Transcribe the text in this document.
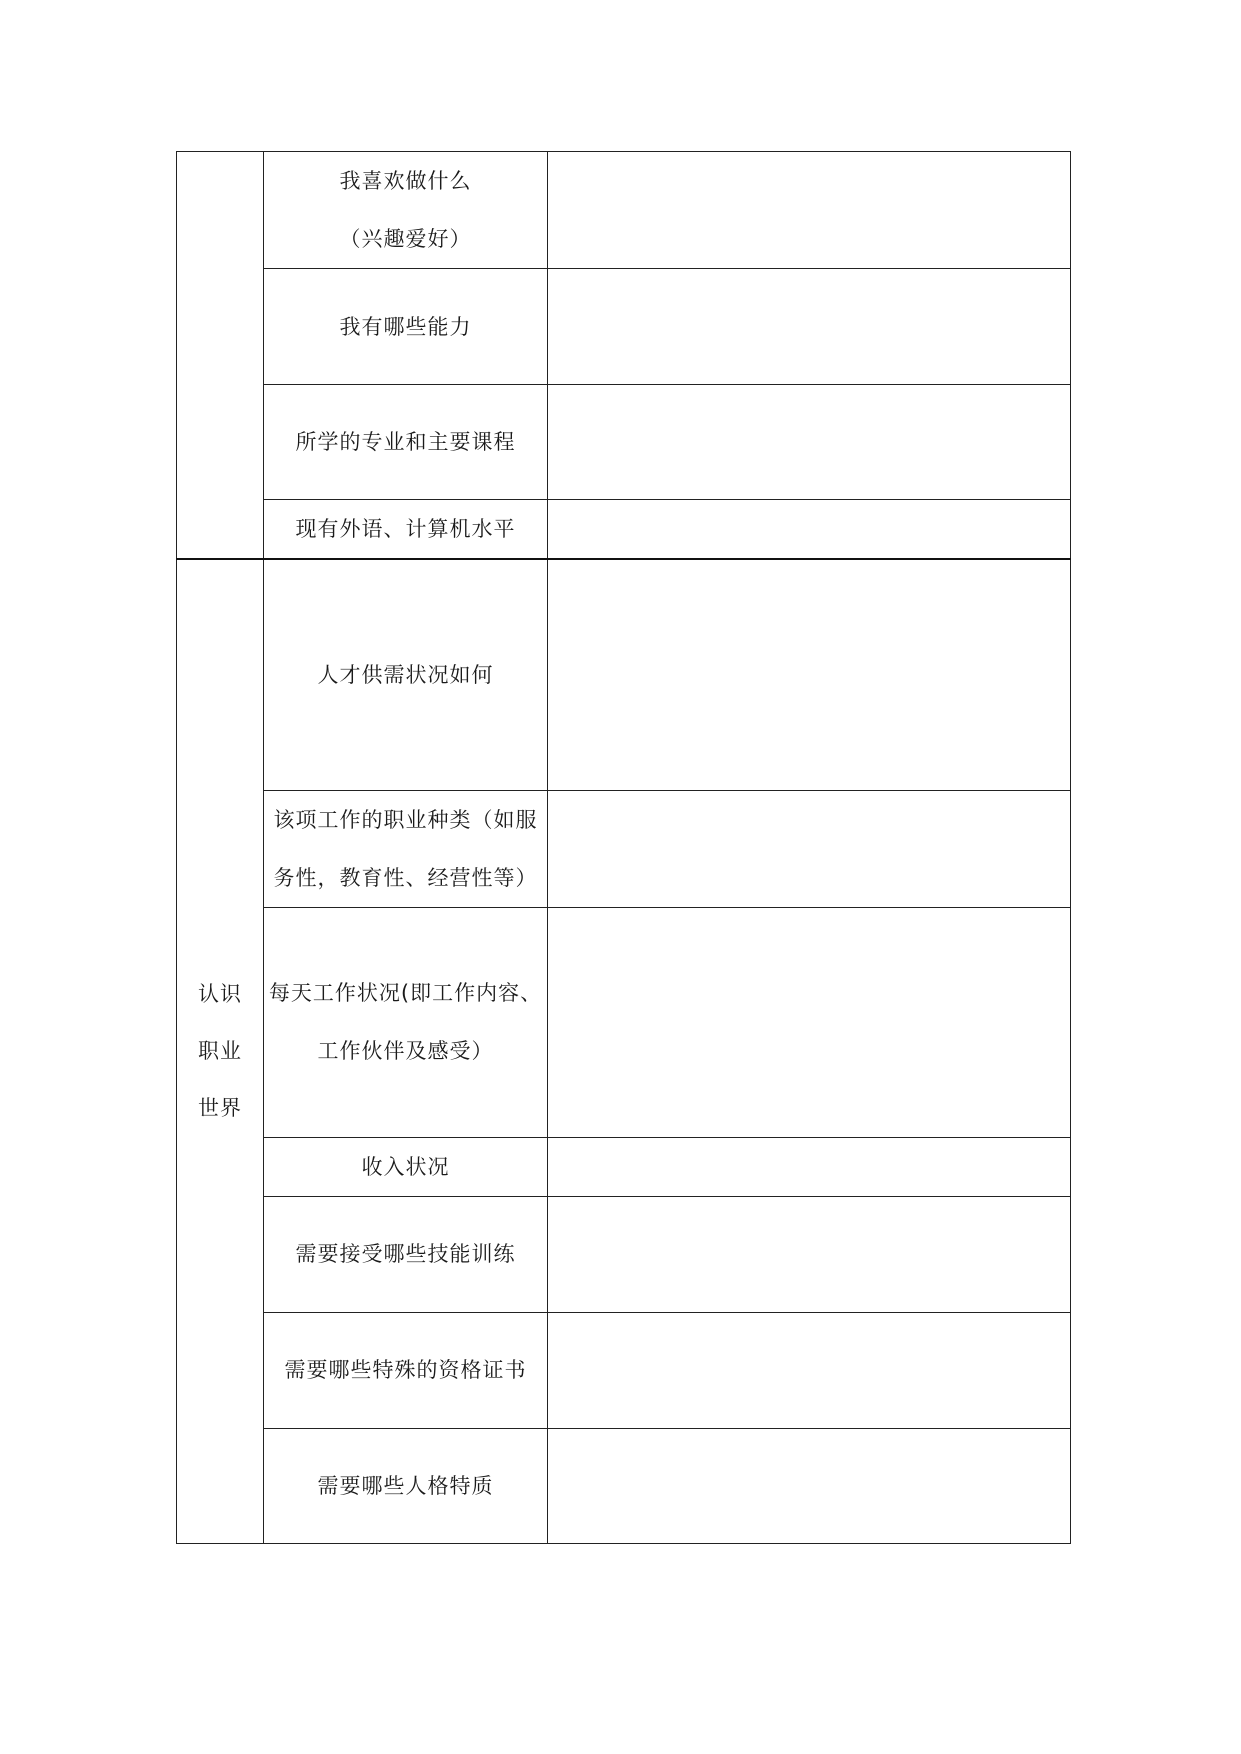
	我喜欢做什么
（兴趣爱好）	

	我有哪些能力	

	所学的专业和主要课程	

	现有外语、计算机水平	

认识
职业
世界	人才供需状况如何	

	该项工作的职业种类（如服
务性，教育性、经营性等）	

	每天工作状况(即工作内容、
工作伙伴及感受）	

	收入状况	

	需要接受哪些技能训练	

	需要哪些特殊的资格证书	

	需要哪些人格特质	
